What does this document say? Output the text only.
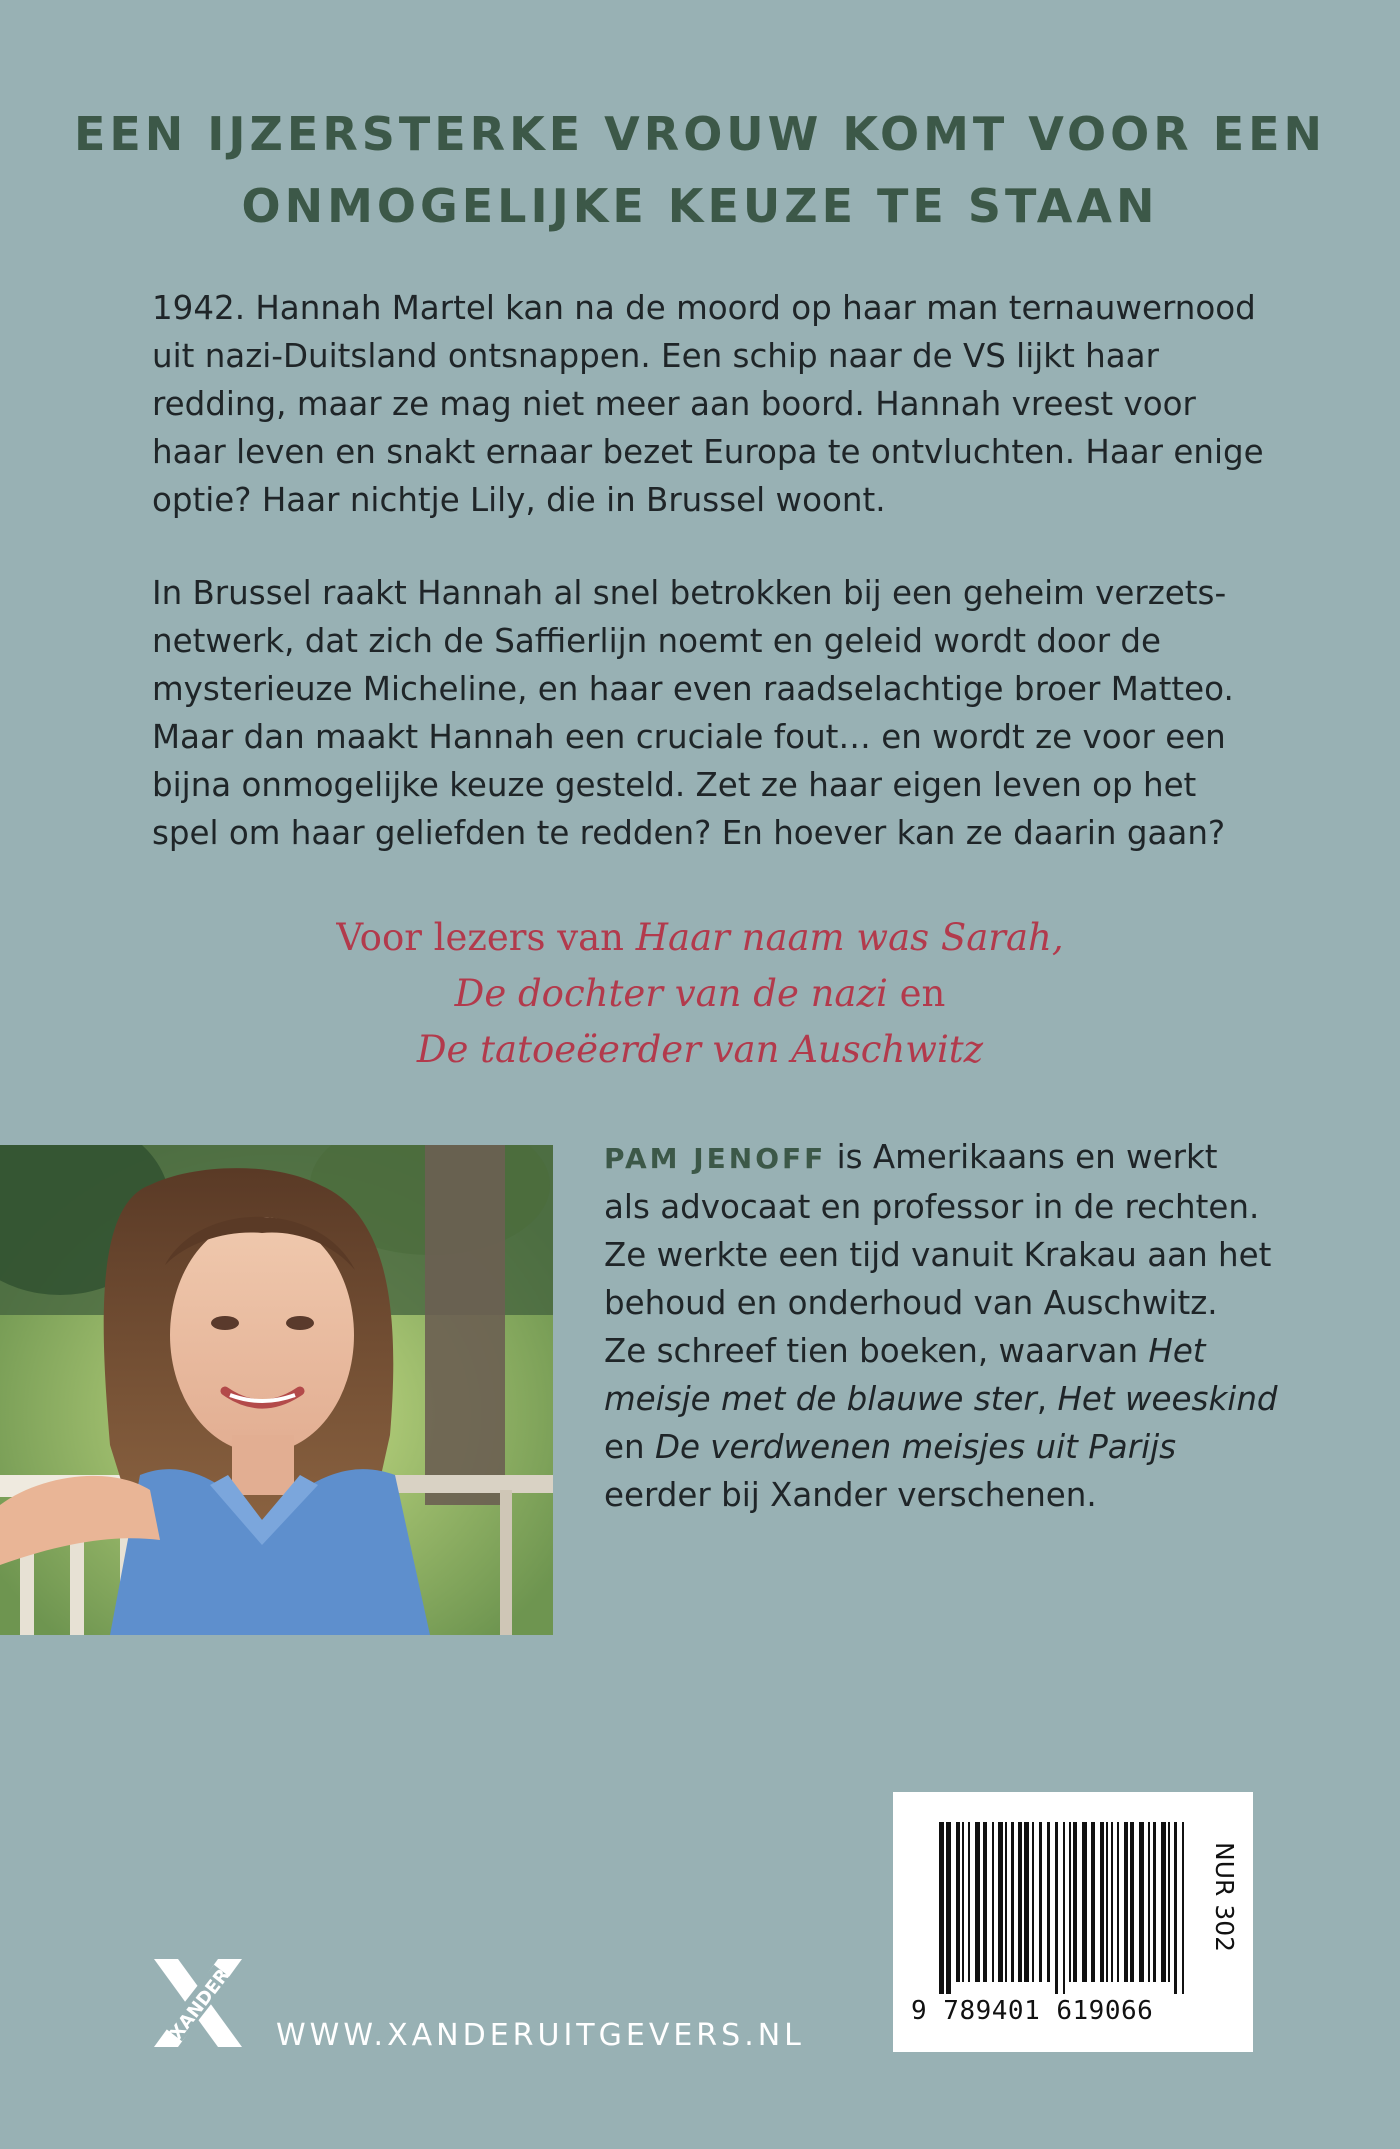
EEN IJZERSTERKE VROUW KOMT VOOR EEN
ONMOGELIJKE KEUZE TE STAAN

1942. Hannah Martel kan na de moord op haar man ternauwernood
uit nazi-Duitsland ontsnappen. Een schip naar de VS lijkt haar
redding, maar ze mag niet meer aan boord. Hannah vreest voor
haar leven en snakt ernaar bezet Europa te ontvluchten. Haar enige
optie? Haar nichtje Lily, die in Brussel woont.

In Brussel raakt Hannah al snel betrokken bij een geheim verzets-
netwerk, dat zich de Saffierlijn noemt en geleid wordt door de
mysterieuze Micheline, en haar even raadselachtige broer Matteo.
Maar dan maakt Hannah een cruciale fout… en wordt ze voor een
bijna onmogelijke keuze gesteld. Zet ze haar eigen leven op het
spel om haar geliefden te redden? En hoever kan ze daarin gaan?

Voor lezers van Haar naam was Sarah,
De dochter van de nazi en
De tatoeëerder van Auschwitz
PAM JENOFF is Amerikaans en werkt
als advocaat en professor in de rechten.
Ze werkte een tijd vanuit Krakau aan het
behoud en onderhoud van Auschwitz.
Ze schreef tien boeken, waarvan Het
meisje met de blauwe ster, Het weeskind
en De verdwenen meisjes uit Parijs
eerder bij Xander verschenen.
9 789401 619066
NUR 302
XANDER WWW.XANDERUITGEVERS.NL
